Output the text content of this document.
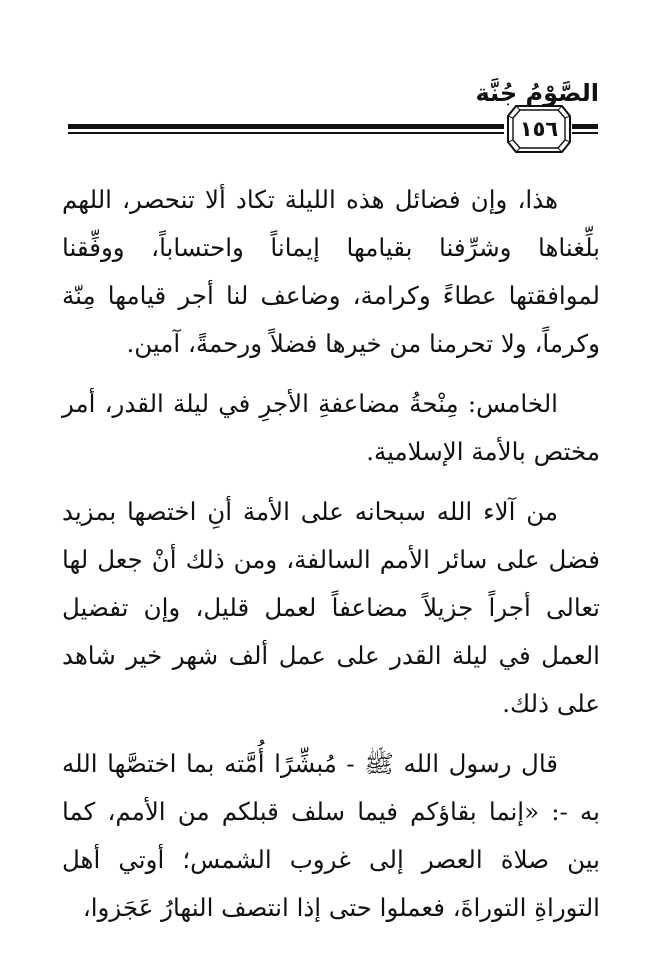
الصَّوْمُ جُنَّة
١٥٦

هذا، وإن فضائل هذه الليلة تكاد ألا تنحصر، اللهم بلِّغناها وشرِّفنا بقيامها إيماناً واحتساباً، ووفِّقنا لموافقتها عطاءً وكرامة، وضاعف لنا أجر قيامها مِنّة وكرماً، ولا تحرمنا من خيرها فضلاً ورحمةً، آمين.

الخامس: مِنْحةُ مضاعفةِ الأجرِ في ليلة القدر، أمر مختص بالأمة الإسلامية.

من آلاء الله سبحانه على الأمة أنِ اختصها بمزيد فضل على سائر الأمم السالفة، ومن ذلك أنْ جعل لها تعالى أجراً جزيلاً مضاعفاً لعمل قليل، وإن تفضيل العمل في ليلة القدر على عمل ألف شهر خير شاهد على ذلك.

قال رسول الله ﷺ - مُبشِّرًا أُمَّته بما اختصَّها الله به -: «إنما بقاؤكم فيما سلف قبلكم من الأمم، كما بين صلاة العصر إلى غروب الشمس؛ أوتي أهل التوراةِ التوراةَ، فعملوا حتى إذا انتصف النهارُ عَجَزوا،
